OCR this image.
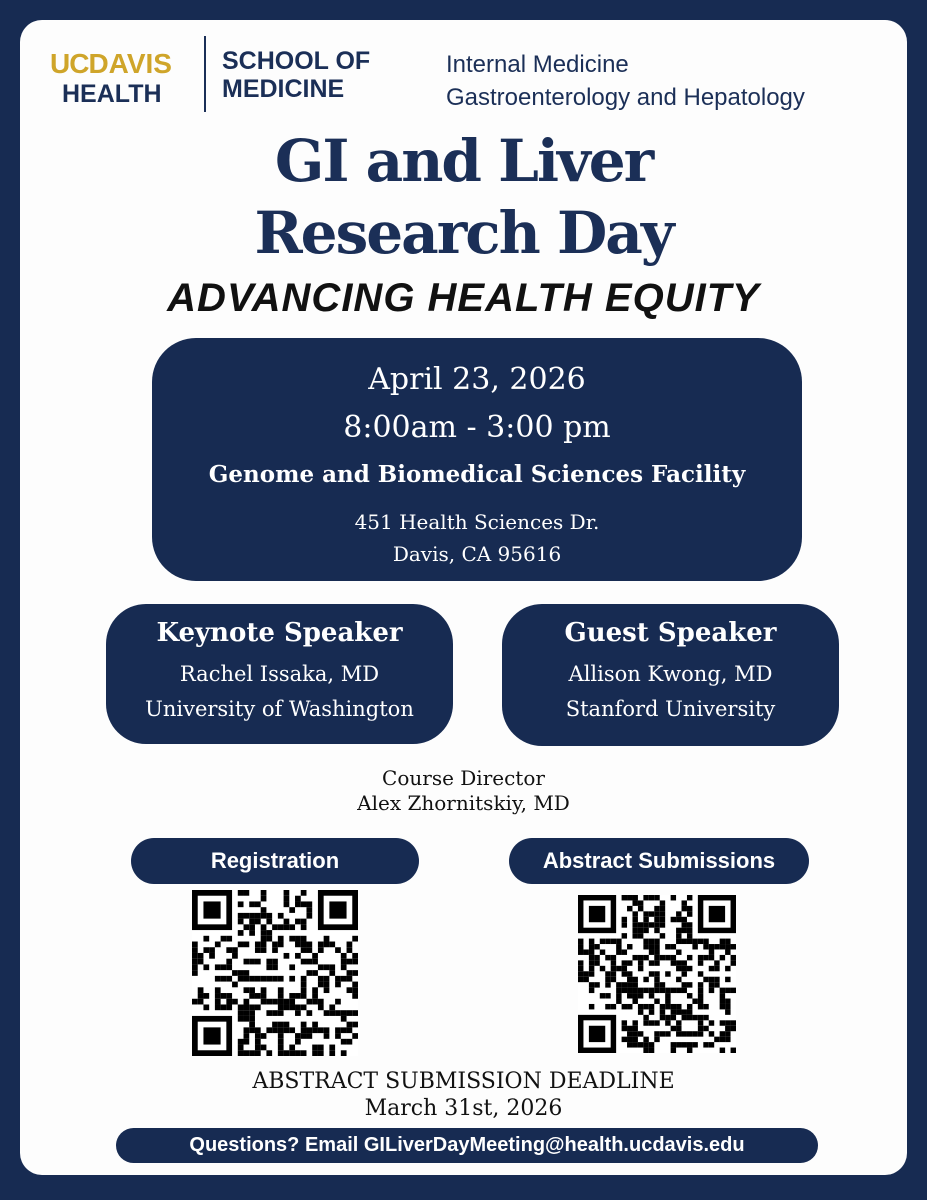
UCDAVIS
HEALTH
SCHOOL OF
MEDICINE
Internal Medicine
Gastroenterology and Hepatology
GI and Liver
Research Day
ADVANCING HEALTH EQUITY
April 23, 2026
8:00am - 3:00 pm
Genome and Biomedical Sciences Facility
451 Health Sciences Dr.
Davis, CA 95616
Keynote Speaker
Rachel Issaka, MD
University of Washington
Guest Speaker
Allison Kwong, MD
Stanford University
Course Director
Alex Zhornitskiy, MD
Registration	Abstract Submissions
ABSTRACT SUBMISSION DEADLINE
March 31st, 2026
Questions? Email GILiverDayMeeting@health.ucdavis.edu
